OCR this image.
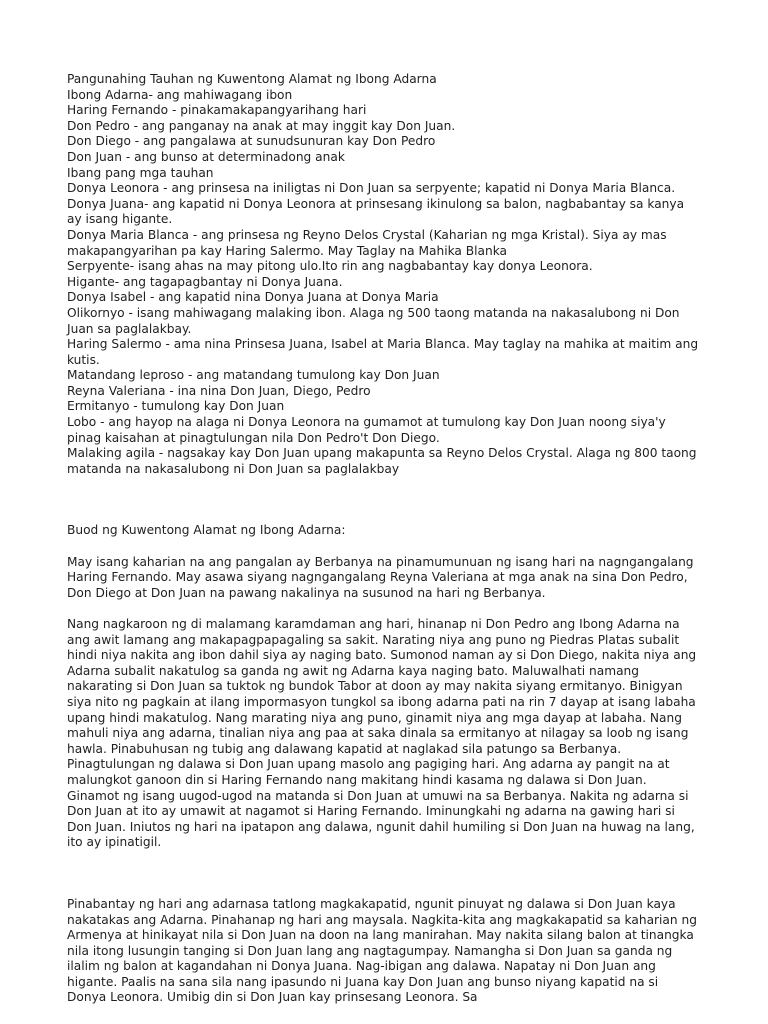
Pangunahing Tauhan ng Kuwentong Alamat ng Ibong Adarna

Ibong Adarna- ang mahiwagang ibon

Haring Fernando - pinakamakapangyarihang hari

Don Pedro - ang panganay na anak at may inggit kay Don Juan.

Don Diego - ang pangalawa at sunudsunuran kay Don Pedro

Don Juan - ang bunso at determinadong anak

Ibang pang mga tauhan

Donya Leonora - ang prinsesa na iniligtas ni Don Juan sa serpyente; kapatid ni Donya Maria Blanca.

Donya Juana- ang kapatid ni Donya Leonora at prinsesang ikinulong sa balon, nagbabantay sa kanya ay isang higante.

Donya Maria Blanca - ang prinsesa ng Reyno Delos Crystal (Kaharian ng mga Kristal). Siya ay mas makapangyarihan pa kay Haring Salermo. May Taglay na Mahika Blanka

Serpyente- isang ahas na may pitong ulo.Ito rin ang nagbabantay kay donya Leonora.

Higante- ang tagapagbantay ni Donya Juana.

Donya Isabel - ang kapatid nina Donya Juana at Donya Maria

Olikornyo - isang mahiwagang malaking ibon. Alaga ng 500 taong matanda na nakasalubong ni Don Juan sa paglalakbay.

Haring Salermo - ama nina Prinsesa Juana, Isabel at Maria Blanca. May taglay na mahika at maitim ang kutis.

Matandang leproso - ang matandang tumulong kay Don Juan

Reyna Valeriana - ina nina Don Juan, Diego, Pedro

Ermitanyo - tumulong kay Don Juan

Lobo - ang hayop na alaga ni Donya Leonora na gumamot at tumulong kay Don Juan noong siya'y pinag kaisahan at pinagtulungan nila Don Pedro't Don Diego.

Malaking agila - nagsakay kay Don Juan upang makapunta sa Reyno Delos Crystal. Alaga ng 800 taong matanda na nakasalubong ni Don Juan sa paglalakbay

Buod ng Kuwentong Alamat ng Ibong Adarna:

May isang kaharian na ang pangalan ay Berbanya na pinamumunuan ng isang hari na nagngangalang Haring Fernando. May asawa siyang nagngangalang Reyna Valeriana at mga anak na sina Don Pedro, Don Diego at Don Juan na pawang nakalinya na susunod na hari ng Berbanya.

Nang nagkaroon ng di malamang karamdaman ang hari, hinanap ni Don Pedro ang Ibong Adarna na ang awit lamang ang makapagpapagaling sa sakit. Narating niya ang puno ng Piedras Platas subalit hindi niya nakita ang ibon dahil siya ay naging bato. Sumonod naman ay si Don Diego, nakita niya ang Adarna subalit nakatulog sa ganda ng awit ng Adarna kaya naging bato. Maluwalhati namang nakarating si Don Juan sa tuktok ng bundok Tabor at doon ay may nakita siyang ermitanyo. Binigyan siya nito ng pagkain at ilang impormasyon tungkol sa ibong adarna pati na rin 7 dayap at isang labaha upang hindi makatulog. Nang marating niya ang puno, ginamit niya ang mga dayap at labaha. Nang mahuli niya ang adarna, tinalian niya ang paa at saka dinala sa ermitanyo at nilagay sa loob ng isang hawla. Pinabuhusan ng tubig ang dalawang kapatid at naglakad sila patungo sa Berbanya. Pinagtulungan ng dalawa si Don Juan upang masolo ang pagiging hari. Ang adarna ay pangit na at malungkot ganoon din si Haring Fernando nang makitang hindi kasama ng dalawa si Don Juan. Ginamot ng isang uugod-ugod na matanda si Don Juan at umuwi na sa Berbanya. Nakita ng adarna si Don Juan at ito ay umawit at nagamot si Haring Fernando. Iminungkahi ng adarna na gawing hari si Don Juan. Iniutos ng hari na ipatapon ang dalawa, ngunit dahil humiling si Don Juan na huwag na lang, ito ay ipinatigil.

Pinabantay ng hari ang adarnasa tatlong magkakapatid, ngunit pinuyat ng dalawa si Don Juan kaya nakatakas ang Adarna. Pinahanap ng hari ang maysala. Nagkita-kita ang magkakapatid sa kaharian ng Armenya at hinikayat nila si Don Juan na doon na lang manirahan. May nakita silang balon at tinangka nila itong lusungin tanging si Don Juan lang ang nagtagumpay. Namangha si Don Juan sa ganda ng ilalim ng balon at kagandahan ni Donya Juana. Nag-ibigan ang dalawa. Napatay ni Don Juan ang higante. Paalis na sana sila nang ipasundo ni Juana kay Don Juan ang bunso niyang kapatid na si Donya Leonora. Umibig din si Don Juan kay prinsesang Leonora. Sa
